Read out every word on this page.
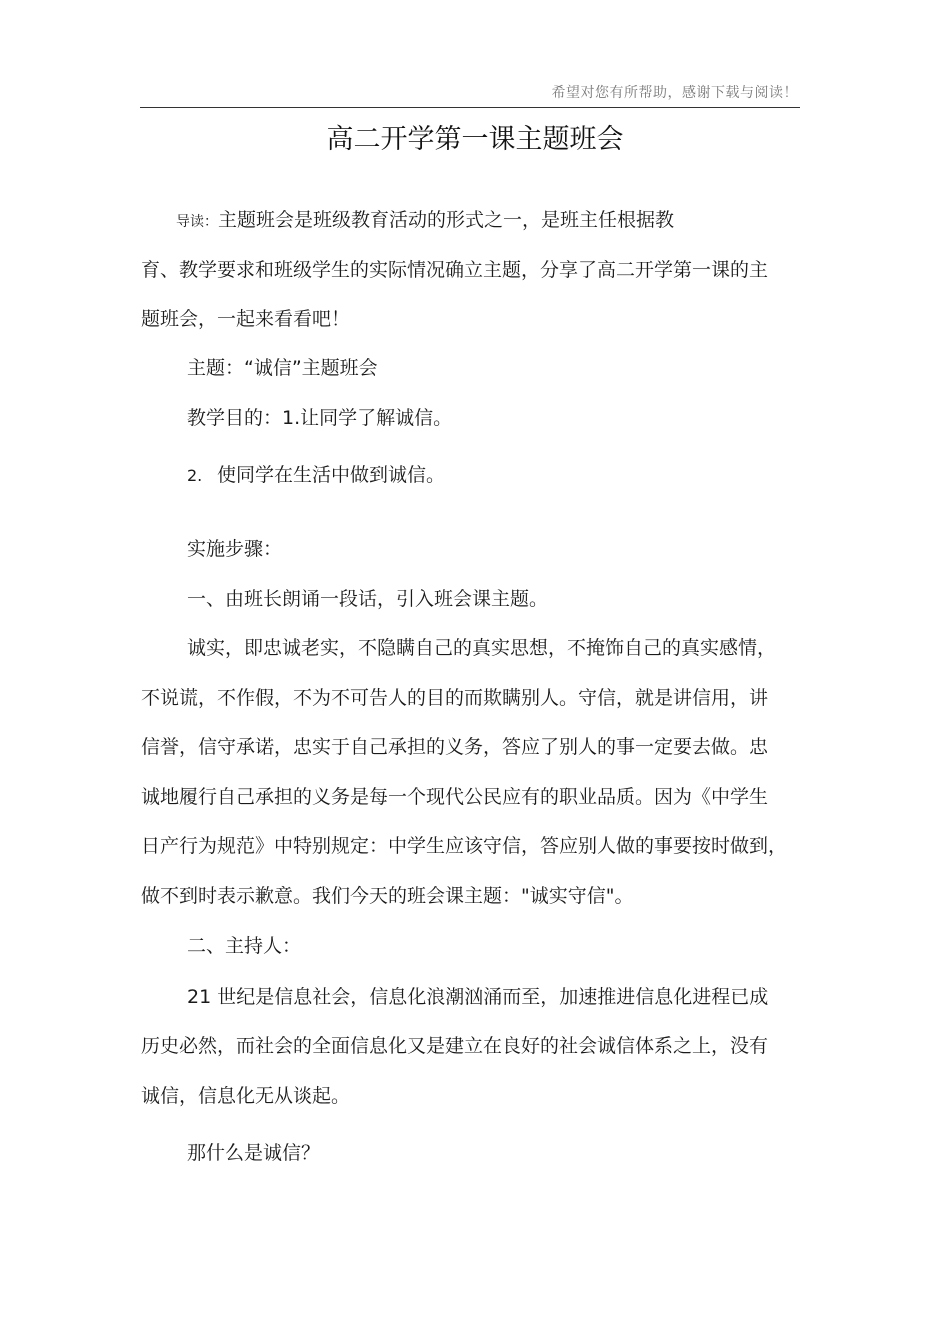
希望对您有所帮助，感谢下载与阅读！
高二开学第一课主题班会
导读：主题班会是班级教育活动的形式之一，是班主任根据教
育、教学要求和班级学生的实际情况确立主题，分享了高二开学第一课的主
题班会，一起来看看吧！
主题：“诚信”主题班会
教学目的：1.让同学了解诚信。
2. 使同学在生活中做到诚信。
实施步骤：
一、由班长朗诵一段话，引入班会课主题。
诚实，即忠诚老实，不隐瞒自己的真实思想，不掩饰自己的真实感情，
不说谎，不作假，不为不可告人的目的而欺瞒别人。守信，就是讲信用，讲
信誉，信守承诺，忠实于自己承担的义务，答应了别人的事一定要去做。忠
诚地履行自己承担的义务是每一个现代公民应有的职业品质。因为《中学生
日产行为规范》中特别规定：中学生应该守信，答应别人做的事要按时做到，
做不到时表示歉意。我们今天的班会课主题："诚实守信"。
二、主持人：
21 世纪是信息社会，信息化浪潮汹涌而至，加速推进信息化进程已成
历史必然，而社会的全面信息化又是建立在良好的社会诚信体系之上，没有
诚信，信息化无从谈起。
那什么是诚信？
